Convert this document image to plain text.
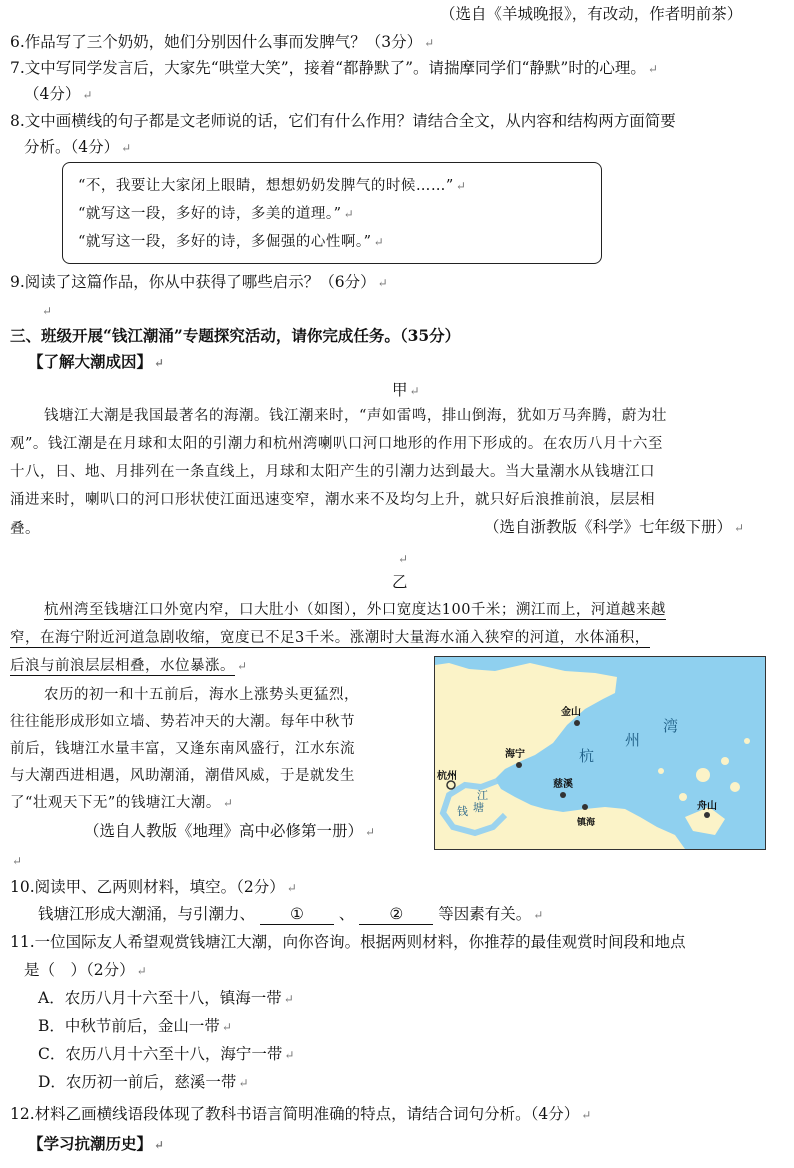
（选自《羊城晚报》，有改动，作者明前茶）
6.作品写了三个奶奶，她们分别因什么事而发脾气？（3分） ↵
7.文中写同学发言后，大家先“哄堂大笑”，接着“都静默了”。请揣摩同学们“静默”时的心理。 ↵
（4分） ↵
8.文中画横线的句子都是文老师说的话，它们有什么作用？请结合全文，从内容和结构两方面简要
分析。（4分） ↵
“不，我要让大家闭上眼睛，想想奶奶发脾气的时候……” ↵
“就写这一段，多好的诗，多美的道理。” ↵
“就写这一段，多好的诗，多倔强的心性啊。” ↵
9.阅读了这篇作品，你从中获得了哪些启示？（6分） ↵
↵
三、班级开展“钱江潮涌”专题探究活动，请你完成任务。（35分）
【了解大潮成因】 ↵
甲 ↵
钱塘江大潮是我国最著名的海潮。钱江潮来时，“声如雷鸣，排山倒海，犹如万马奔腾，蔚为壮
观”。钱江潮是在月球和太阳的引潮力和杭州湾喇叭口河口地形的作用下形成的。在农历八月十六至
十八，日、地、月排列在一条直线上，月球和太阳产生的引潮力达到最大。当大量潮水从钱塘江口
涌进来时，喇叭口的河口形状使江面迅速变窄，潮水来不及均匀上升，就只好后浪推前浪，层层相
叠。	（选自浙教版《科学》七年级下册） ↵
↵
乙
杭州湾至钱塘江口外宽内窄，口大肚小（如图），外口宽度达100千米；溯江而上，河道越来越
窄，在海宁附近河道急剧收缩，宽度已不足3千米。涨潮时大量海水涌入狭窄的河道，水体涌积，
后浪与前浪层层相叠，水位暴涨。 ↵
农历的初一和十五前后，海水上涨势头更猛烈，
往往能形成形如立墙、势若冲天的大潮。每年中秋节
前后，钱塘江水量丰富，又逢东南风盛行，江水东流
与大潮西进相遇，风助潮涌，潮借风威，于是就发生
了“壮观天下无”的钱塘江大潮。 ↵
（选自人教版《地理》高中必修第一册） ↵
金山
海宁
杭州
慈溪
舟山
镇海
杭
州
湾
江
钱 塘
↵
10.阅读甲、乙两则材料，填空。（2分） ↵
钱塘江形成大潮涌，与引潮力、 ① 、 ② 等因素有关。 ↵
11.一位国际友人希望观赏钱塘江大潮，向你咨询。根据两则材料，你推荐的最佳观赏时间段和地点
是（　）（2分） ↵
A．农历八月十六至十八，镇海一带 ↵
B．中秋节前后，金山一带 ↵
C．农历八月十六至十八，海宁一带 ↵
D．农历初一前后，慈溪一带 ↵
12.材料乙画横线语段体现了教科书语言简明准确的特点，请结合词句分析。（4分） ↵
【学习抗潮历史】 ↵
